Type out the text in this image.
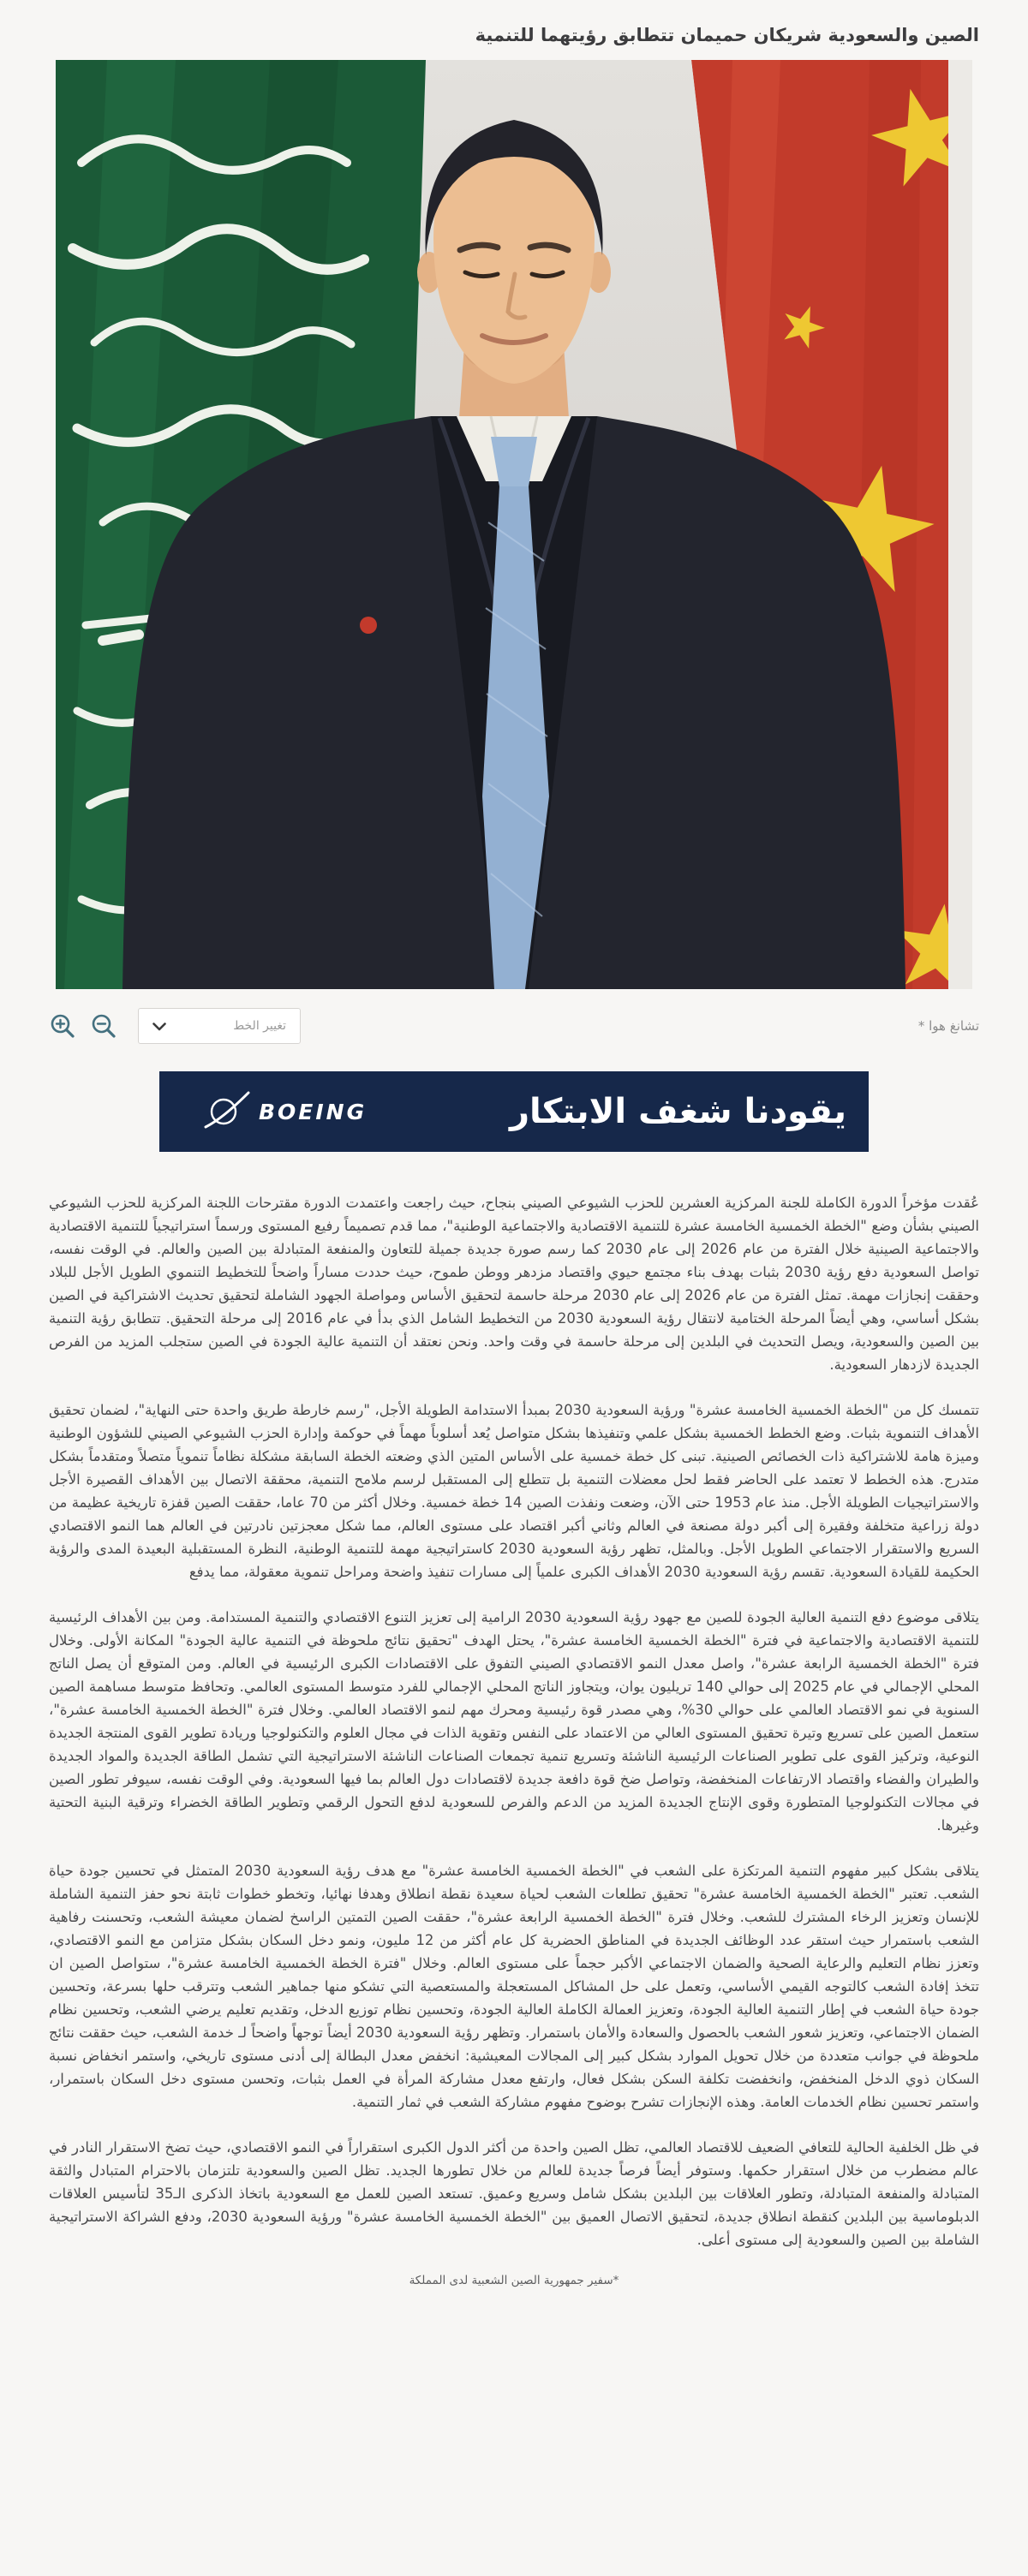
الصين والسعودية شريكان حميمان تتطابق رؤيتهما للتنمية
تشانغ هوا *
تغيير الخط
BOEING	يقودنا شغف الابتكار

عُقدت مؤخراً الدورة الكاملة للجنة المركزية العشرين للحزب الشيوعي الصيني بنجاح، حيث راجعت واعتمدت الدورة مقترحات اللجنة المركزية للحزب الشيوعي الصيني بشأن وضع "الخطة الخمسية الخامسة عشرة للتنمية الاقتصادية والاجتماعية الوطنية"، مما قدم تصميماً رفيع المستوى ورسماً استراتيجياً للتنمية الاقتصادية والاجتماعية الصينية خلال الفترة من عام 2026 إلى عام 2030 كما رسم صورة جديدة جميلة للتعاون والمنفعة المتبادلة بين الصين والعالم. في الوقت نفسه، تواصل السعودية دفع رؤية 2030 بثبات بهدف بناء مجتمع حيوي واقتصاد مزدهر ووطن طموح، حيث حددت مساراً واضحاً للتخطيط التنموي الطويل الأجل للبلاد وحققت إنجازات مهمة. تمثل الفترة من عام 2026 إلى عام 2030 مرحلة حاسمة لتحقيق الأساس ومواصلة الجهود الشاملة لتحقيق تحديث الاشتراكية في الصين بشكل أساسي، وهي أيضاً المرحلة الختامية لانتقال رؤية السعودية 2030 من التخطيط الشامل الذي بدأ في عام 2016 إلى مرحلة التحقيق. تتطابق رؤية التنمية بين الصين والسعودية، ويصل التحديث في البلدين إلى مرحلة حاسمة في وقت واحد. ونحن نعتقد أن التنمية عالية الجودة في الصين ستجلب المزيد من الفرص الجديدة لازدهار السعودية.

تتمسك كل من "الخطة الخمسية الخامسة عشرة" ورؤية السعودية 2030 بمبدأ الاستدامة الطويلة الأجل، "رسم خارطة طريق واحدة حتى النهاية"، لضمان تحقيق الأهداف التنموية بثبات. وضع الخطط الخمسية بشكل علمي وتنفيذها بشكل متواصل يُعد أسلوباً مهماً في حوكمة وإدارة الحزب الشيوعي الصيني للشؤون الوطنية وميزة هامة للاشتراكية ذات الخصائص الصينية. تبنى كل خطة خمسية على الأساس المتين الذي وضعته الخطة السابقة مشكلة نظاماً تنموياً متصلاً ومتقدماً بشكل متدرج. هذه الخطط لا تعتمد على الحاضر فقط لحل معضلات التنمية بل تتطلع إلى المستقبل لرسم ملامح التنمية، محققة الاتصال بين الأهداف القصيرة الأجل والاستراتيجيات الطويلة الأجل. منذ عام 1953 حتى الآن، وضعت ونفذت الصين 14 خطة خمسية. وخلال أكثر من 70 عاما، حققت الصين قفزة تاريخية عظيمة من دولة زراعية متخلفة وفقيرة إلى أكبر دولة مصنعة في العالم وثاني أكبر اقتصاد على مستوى العالم، مما شكل معجزتين نادرتين في العالم هما النمو الاقتصادي السريع والاستقرار الاجتماعي الطويل الأجل. وبالمثل، تظهر رؤية السعودية 2030 كاستراتيجية مهمة للتنمية الوطنية، النظرة المستقبلية البعيدة المدى والرؤية الحكيمة للقيادة السعودية. تقسم رؤية السعودية 2030 الأهداف الكبرى علمياً إلى مسارات تنفيذ واضحة ومراحل تنموية معقولة، مما يدفع

يتلاقى موضوع دفع التنمية العالية الجودة للصين مع جهود رؤية السعودية 2030 الرامية إلى تعزيز التنوع الاقتصادي والتنمية المستدامة. ومن بين الأهداف الرئيسية للتنمية الاقتصادية والاجتماعية في فترة "الخطة الخمسية الخامسة عشرة"، يحتل الهدف "تحقيق نتائج ملحوظة في التنمية عالية الجودة" المكانة الأولى. وخلال فترة "الخطة الخمسية الرابعة عشرة"، واصل معدل النمو الاقتصادي الصيني التفوق على الاقتصادات الكبرى الرئيسية في العالم. ومن المتوقع أن يصل الناتج المحلي الإجمالي في عام 2025 إلى حوالي 140 تريليون يوان، ويتجاوز الناتج المحلي الإجمالي للفرد متوسط المستوى العالمي. وتحافظ متوسط مساهمة الصين السنوية في نمو الاقتصاد العالمي على حوالي 30%، وهي مصدر قوة رئيسية ومحرك مهم لنمو الاقتصاد العالمي. وخلال فترة "الخطة الخمسية الخامسة عشرة"، ستعمل الصين على تسريع وتيرة تحقيق المستوى العالي من الاعتماد على النفس وتقوية الذات في مجال العلوم والتكنولوجيا وريادة تطوير القوى المنتجة الجديدة النوعية، وتركيز القوى على تطوير الصناعات الرئيسية الناشئة وتسريع تنمية تجمعات الصناعات الناشئة الاستراتيجية التي تشمل الطاقة الجديدة والمواد الجديدة والطيران والفضاء واقتصاد الارتفاعات المنخفضة، وتواصل ضخ قوة دافعة جديدة لاقتصادات دول العالم بما فيها السعودية. وفي الوقت نفسه، سيوفر تطور الصين في مجالات التكنولوجيا المتطورة وقوى الإنتاج الجديدة المزيد من الدعم والفرص للسعودية لدفع التحول الرقمي وتطوير الطاقة الخضراء وترقية البنية التحتية وغيرها.

يتلاقى بشكل كبير مفهوم التنمية المرتكزة على الشعب في "الخطة الخمسية الخامسة عشرة" مع هدف رؤية السعودية 2030 المتمثل في تحسين جودة حياة الشعب. تعتبر "الخطة الخمسية الخامسة عشرة" تحقيق تطلعات الشعب لحياة سعيدة نقطة انطلاق وهدفا نهائيا، وتخطو خطوات ثابتة نحو حفز التنمية الشاملة للإنسان وتعزيز الرخاء المشترك للشعب. وخلال فترة "الخطة الخمسية الرابعة عشرة"، حققت الصين التمتين الراسخ لضمان معيشة الشعب، وتحسنت رفاهية الشعب باستمرار حيث استقر عدد الوظائف الجديدة في المناطق الحضرية كل عام أكثر من 12 مليون، ونمو دخل السكان بشكل متزامن مع النمو الاقتصادي، وتعزز نظام التعليم والرعاية الصحية والضمان الاجتماعي الأكبر حجماً على مستوى العالم. وخلال "فترة الخطة الخمسية الخامسة عشرة"، ستواصل الصين ان تتخذ إفادة الشعب كالتوجه القيمي الأساسي، وتعمل على حل المشاكل المستعجلة والمستعصية التي تشكو منها جماهير الشعب وتترقب حلها بسرعة، وتحسين جودة حياة الشعب في إطار التنمية العالية الجودة، وتعزيز العمالة الكاملة العالية الجودة، وتحسين نظام توزيع الدخل، وتقديم تعليم يرضي الشعب، وتحسين نظام الضمان الاجتماعي، وتعزيز شعور الشعب بالحصول والسعادة والأمان باستمرار. وتظهر رؤية السعودية 2030 أيضاً توجهاً واضحاً لـ خدمة الشعب، حيث حققت نتائج ملحوظة في جوانب متعددة من خلال تحويل الموارد بشكل كبير إلى المجالات المعيشية: انخفض معدل البطالة إلى أدنى مستوى تاريخي، واستمر انخفاض نسبة السكان ذوي الدخل المنخفض، وانخفضت تكلفة السكن بشكل فعال، وارتفع معدل مشاركة المرأة في العمل بثبات، وتحسن مستوى دخل السكان باستمرار، واستمر تحسين نظام الخدمات العامة. وهذه الإنجازات تشرح بوضوح مفهوم مشاركة الشعب في ثمار التنمية.

في ظل الخلفية الحالية للتعافي الضعيف للاقتصاد العالمي، تظل الصين واحدة من أكثر الدول الكبرى استقراراً في النمو الاقتصادي، حيث تضخ الاستقرار النادر في عالم مضطرب من خلال استقرار حكمها. وستوفر أيضاً فرصاً جديدة للعالم من خلال تطورها الجديد. تظل الصين والسعودية تلتزمان بالاحترام المتبادل والثقة المتبادلة والمنفعة المتبادلة، وتطور العلاقات بين البلدين بشكل شامل وسريع وعميق. تستعد الصين للعمل مع السعودية باتخاذ الذكرى الـ35 لتأسيس العلاقات الدبلوماسية بين البلدين كنقطة انطلاق جديدة، لتحقيق الاتصال العميق بين "الخطة الخمسية الخامسة عشرة" ورؤية السعودية 2030، ودفع الشراكة الاستراتيجية الشاملة بين الصين والسعودية إلى مستوى أعلى.

*سفير جمهورية الصين الشعبية لدى المملكة
